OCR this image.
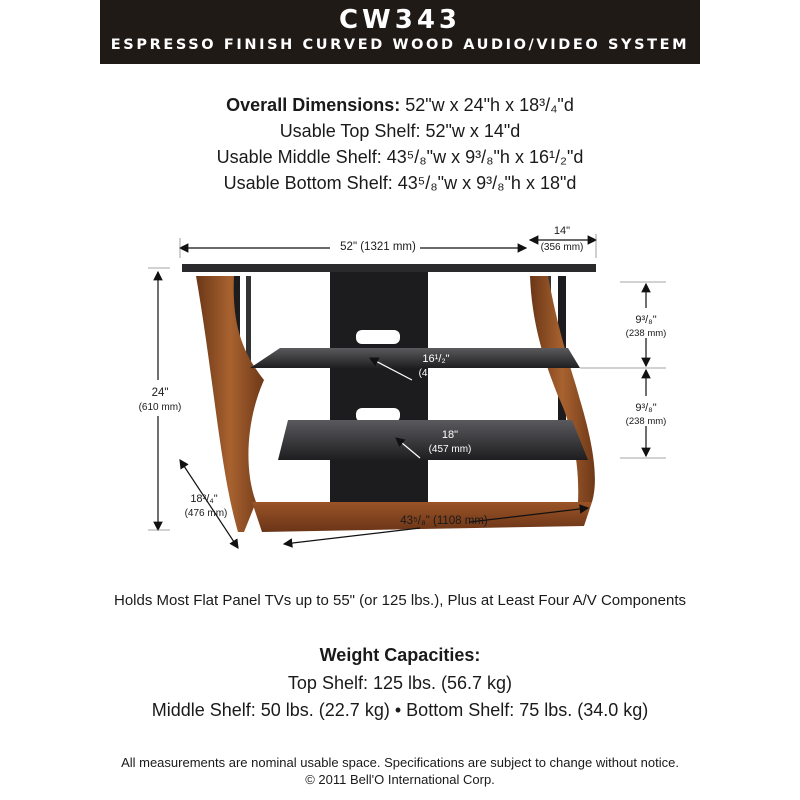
CW343
ESPRESSO FINISH CURVED WOOD AUDIO/VIDEO SYSTEM
Overall Dimensions: 52"w x 24"h x 18³/₄"d
Usable Top Shelf: 52"w x 14"d
Usable Middle Shelf: 43⁵/₈"w x 9³/₈"h x 16¹/₂"d
Usable Bottom Shelf: 43⁵/₈"w x 9³/₈"h x 18"d
52" (1321 mm)
14"
(356 mm)
24"
(610 mm)
9³/₈"
(238 mm)
9³/₈"
(238 mm)
16¹/₂"
(419 mm)
18"
(457 mm)
18³/₄"
(476 mm)
43⁵/₈" (1108 mm)
Holds Most Flat Panel TVs up to 55" (or 125 lbs.), Plus at Least Four A/V Components
Weight Capacities:
Top Shelf: 125 lbs. (56.7 kg)
Middle Shelf: 50 lbs. (22.7 kg) • Bottom Shelf: 75 lbs. (34.0 kg)
All measurements are nominal usable space. Specifications are subject to change without notice.
© 2011 Bell'O International Corp.
